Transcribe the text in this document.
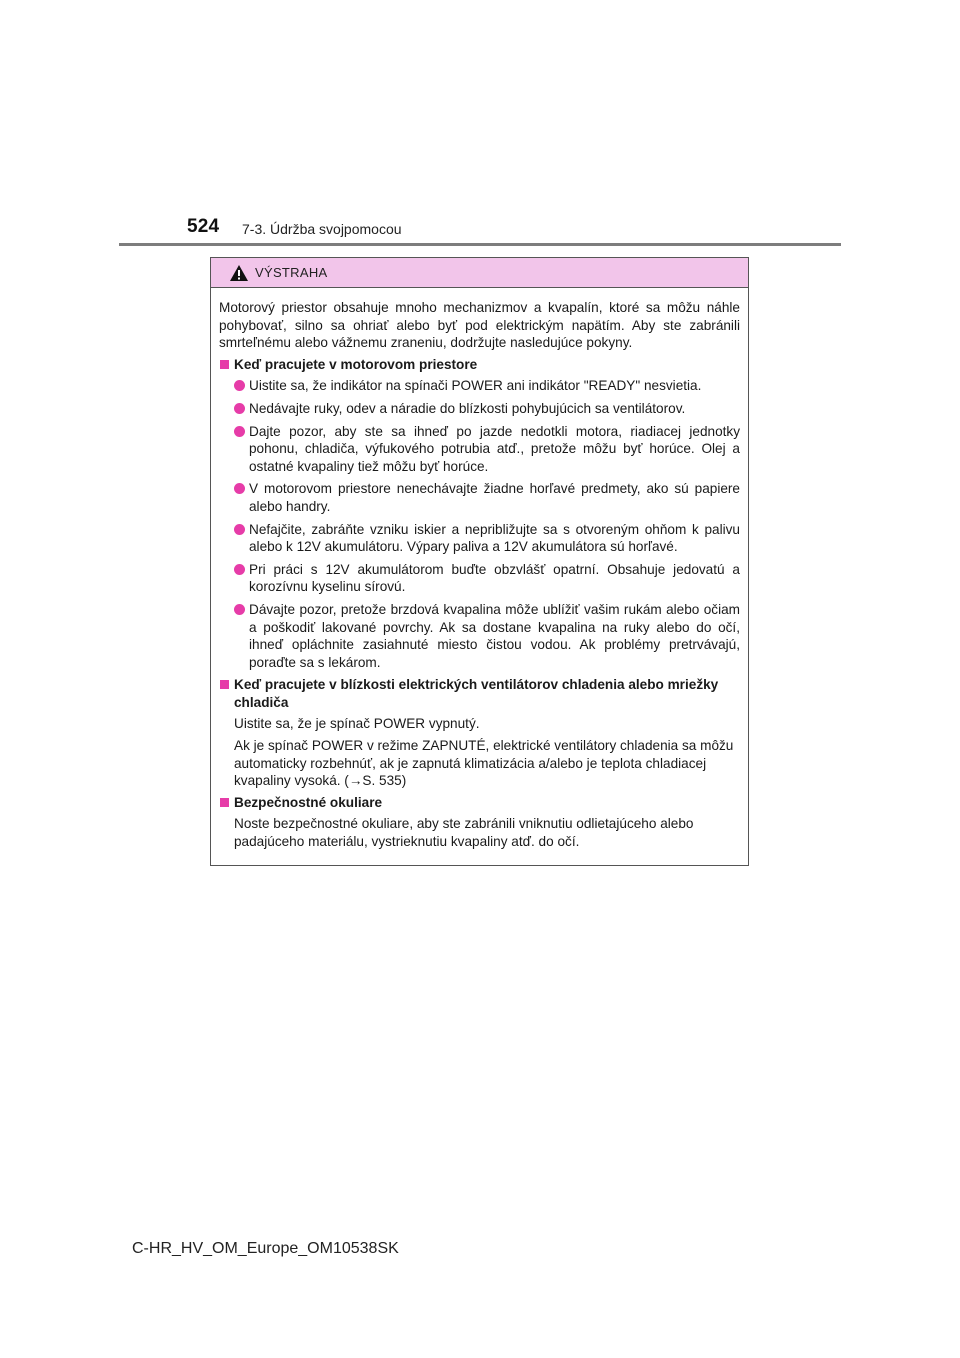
524 7-3. Údržba svojpomocou
VÝSTRAHA

Motorový priestor obsahuje mnoho mechanizmov a kvapalín, ktoré sa môžu náhle pohybovať, silno sa ohriať alebo byť pod elektrickým napätím. Aby ste zabránili smrteľnému alebo vážnemu zraneniu, dodržujte nasledujúce pokyny.

Keď pracujete v motorovom priestore
Uistite sa, že indikátor na spínači POWER ani indikátor "READY" nesvietia.
Nedávajte ruky, odev a náradie do blízkosti pohybujúcich sa ventilátorov.
Dajte pozor, aby ste sa ihneď po jazde nedotkli motora, riadiacej jednotky pohonu, chladiča, výfukového potrubia atď., pretože môžu byť horúce. Olej a ostatné kvapaliny tiež môžu byť horúce.
V motorovom priestore nenechávajte žiadne horľavé predmety, ako sú papiere alebo handry.
Nefajčite, zabráňte vzniku iskier a nepribližujte sa s otvoreným ohňom k palivu alebo k 12V akumulátoru. Výpary paliva a 12V akumulátora sú horľavé.
Pri práci s 12V akumulátorom buďte obzvlášť opatrní. Obsahuje jedovatú a korozívnu kyselinu sírovú.
Dávajte pozor, pretože brzdová kvapalina môže ublížiť vašim rukám alebo očiam a poškodiť lakované povrchy. Ak sa dostane kvapalina na ruky alebo do očí, ihneď opláchnite zasiahnuté miesto čistou vodou. Ak problémy pretrvávajú, poraďte sa s lekárom.
Keď pracujete v blízkosti elektrických ventilátorov chladenia alebo mriežky chladiča
Uistite sa, že je spínač POWER vypnutý.
Ak je spínač POWER v režime ZAPNUTÉ, elektrické ventilátory chladenia sa môžu automaticky rozbehnúť, ak je zapnutá klimatizácia a/alebo je teplota chladiacej kvapaliny vysoká. (→S. 535)
Bezpečnostné okuliare
Noste bezpečnostné okuliare, aby ste zabránili vniknutiu odlietajúceho alebo padajúceho materiálu, vystrieknutiu kvapaliny atď. do očí.
C-HR_HV_OM_Europe_OM10538SK
